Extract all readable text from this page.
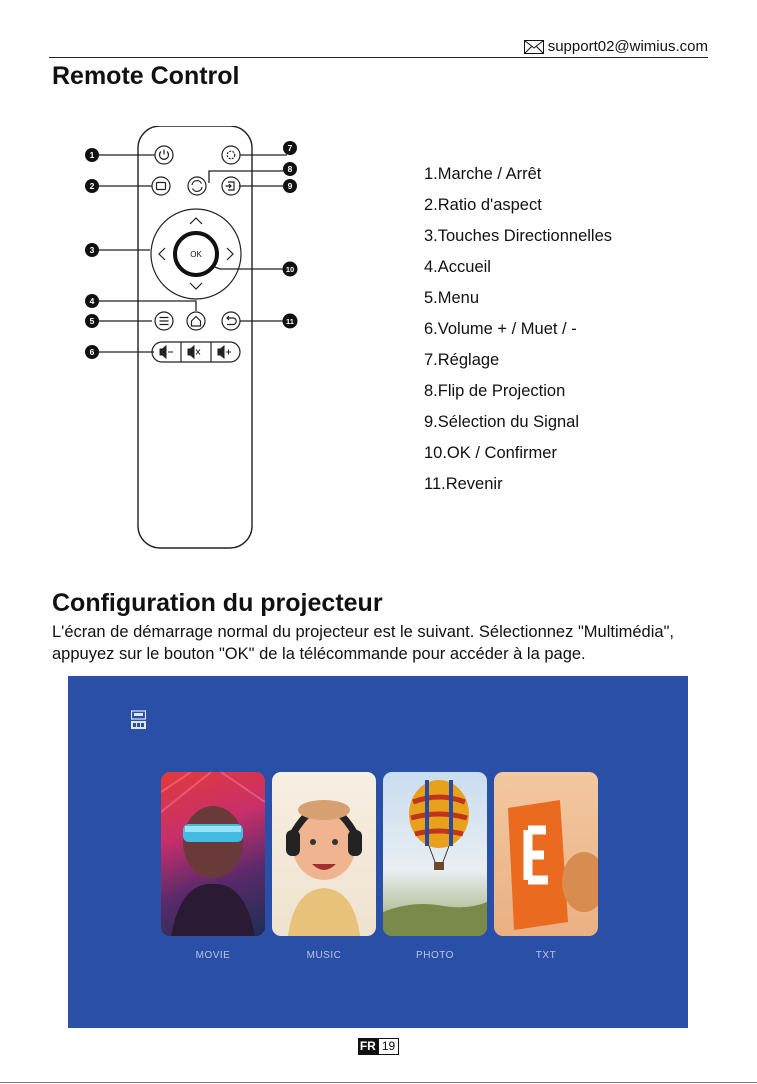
support02@wimius.com
Remote Control
1
2
3
4
5
6
7
8
9
10
11
OK
1.Marche / Arrêt
2.Ratio d'aspect
3.Touches Directionnelles
4.Accueil
5.Menu
6.Volume + / Muet / -
7.Réglage
8.Flip de Projection
9.Sélection du Signal
10.OK / Confirmer
11.Revenir
Configuration du projecteur

L'écran de démarrage normal du projecteur est le suivant. Sélectionnez "Multimédia",
appuyez sur le bouton "OK" de la télécommande pour accéder à la page.

MOVIE	MUSIC	PHOTO	TXT
FR 19
